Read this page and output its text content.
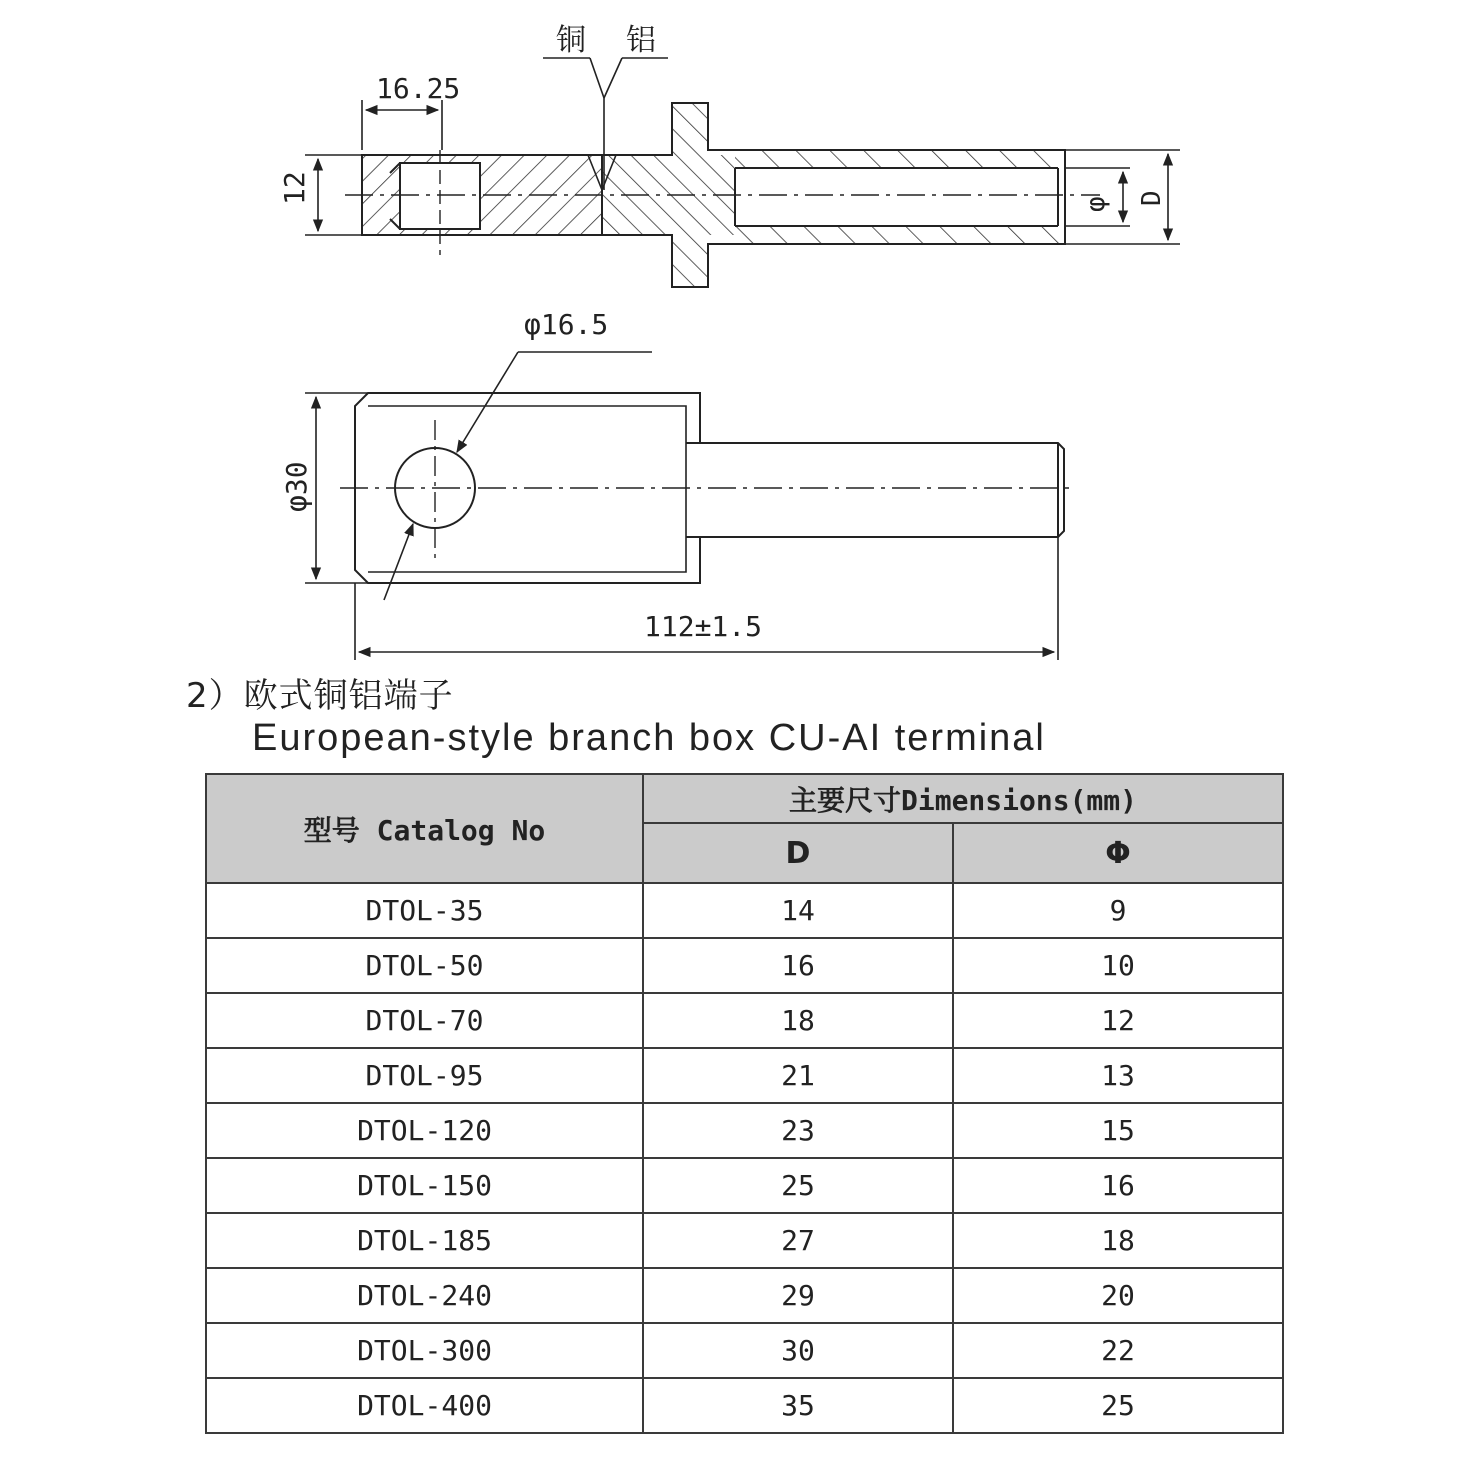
铜 铝
16.25
12	φ D
φ16.5
φ30
112±1.5
2）欧式铜铝端子
European-style branch box CU-AI terminal
型号 Catalog No	主要尺寸Dimensions(mm)	
	D	Φ
DTOL-35	14	9
DTOL-50	16	10
DTOL-70	18	12
DTOL-95	21	13
DTOL-120	23	15
DTOL-150	25	16
DTOL-185	27	18
DTOL-240	29	20
DTOL-300	30	22
DTOL-400	35	25
